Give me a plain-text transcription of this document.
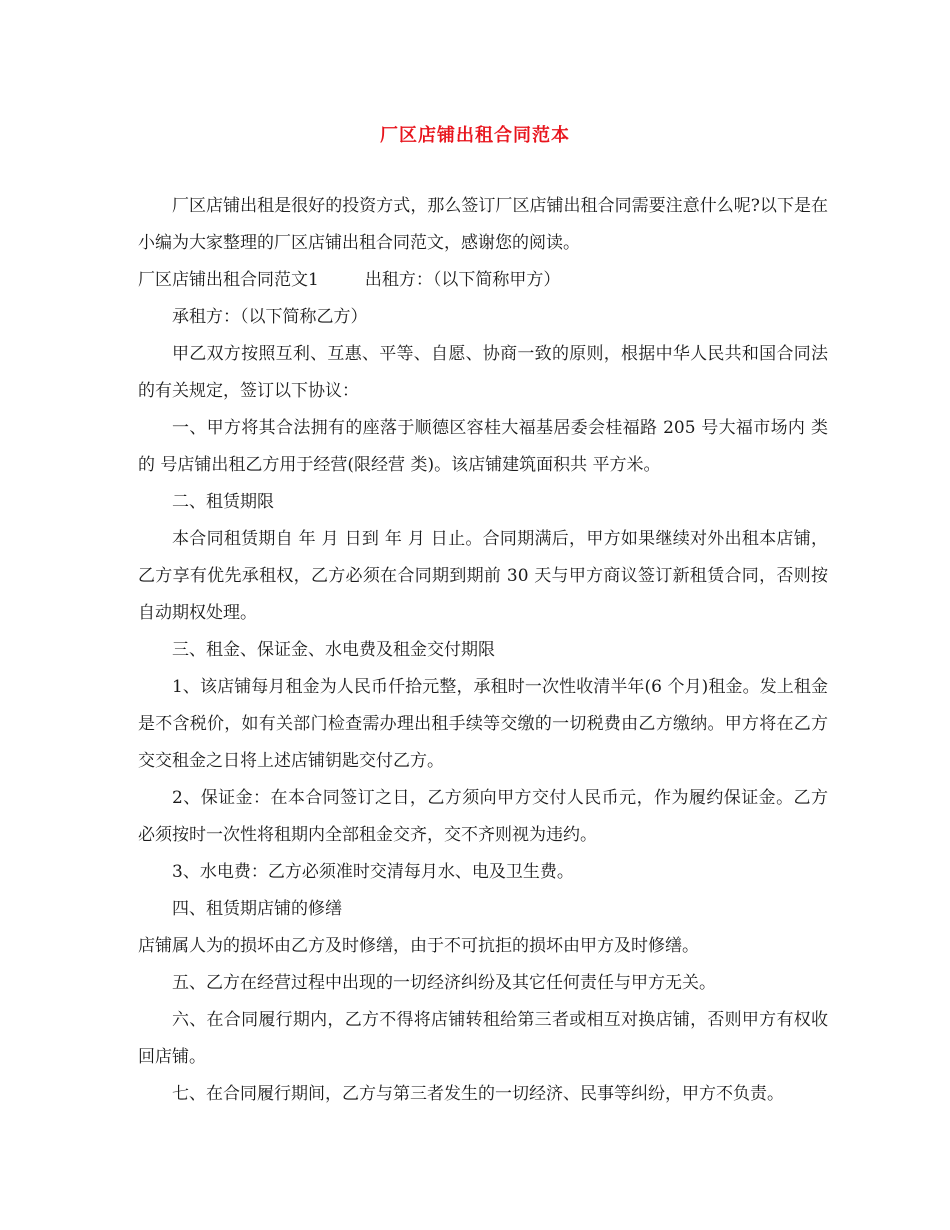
厂区店铺出租合同范本

厂区店铺出租是很好的投资方式，那么签订厂区店铺出租合同需要注意什么呢?以下是在小编为大家整理的厂区店铺出租合同范文，感谢您的阅读。

厂区店铺出租合同范文1	出租方：（以下简称甲方）

承租方：（以下简称乙方）

甲乙双方按照互利、互惠、平等、自愿、协商一致的原则，根据中华人民共和国合同法的有关规定，签订以下协议：

一、甲方将其合法拥有的座落于顺德区容桂大福基居委会桂福路 205 号大福市场内 类的 号店铺出租乙方用于经营(限经营 类)。该店铺建筑面积共 平方米。

二、租赁期限

本合同租赁期自 年 月 日到 年 月 日止。合同期满后，甲方如果继续对外出租本店铺，乙方享有优先承租权，乙方必须在合同期到期前 30 天与甲方商议签订新租赁合同，否则按自动期权处理。

三、租金、保证金、水电费及租金交付期限

1、该店铺每月租金为人民币仟拾元整，承租时一次性收清半年(6 个月)租金。发上租金是不含税价，如有关部门检查需办理出租手续等交缴的一切税费由乙方缴纳。甲方将在乙方交交租金之日将上述店铺钥匙交付乙方。

2、保证金：在本合同签订之日，乙方须向甲方交付人民币元，作为履约保证金。乙方必须按时一次性将租期内全部租金交齐，交不齐则视为违约。

3、水电费：乙方必须准时交清每月水、电及卫生费。

四、租赁期店铺的修缮

店铺属人为的损坏由乙方及时修缮，由于不可抗拒的损坏由甲方及时修缮。

五、乙方在经营过程中出现的一切经济纠纷及其它任何责任与甲方无关。

六、在合同履行期内，乙方不得将店铺转租给第三者或相互对换店铺，否则甲方有权收回店铺。

七、在合同履行期间，乙方与第三者发生的一切经济、民事等纠纷，甲方不负责。
